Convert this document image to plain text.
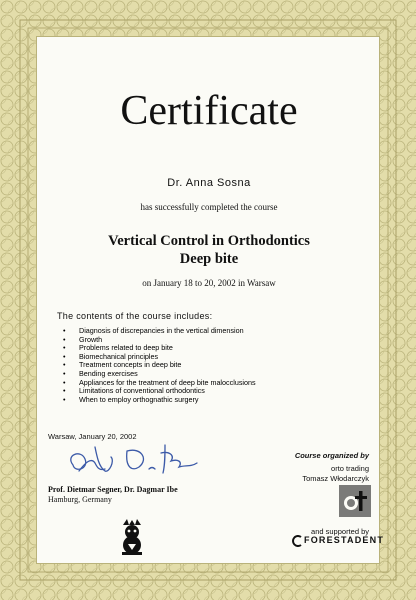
Certificate
Dr. Anna Sosna
has successfully completed the course
Vertical Control in Orthodontics
Deep bite
on January 18 to 20, 2002 in Warsaw
The contents of the course includes:
• Diagnosis of discrepancies in the vertical dimension
• Growth
• Problems related to deep bite
• Biomechanical principles
• Treatment concepts in deep bite
• Bending exercises
• Appliances for the treatment of deep bite malocclusions
• Limitations of conventional orthodontics
• When to employ orthognathic surgery
Warsaw, January 20, 2002
Prof. Dietmar Segner, Dr. Dagmar Ibe
Hamburg, Germany
Course organized by
orto trading
Tomasz Włodarczyk
and supported by
FORESTADENT
